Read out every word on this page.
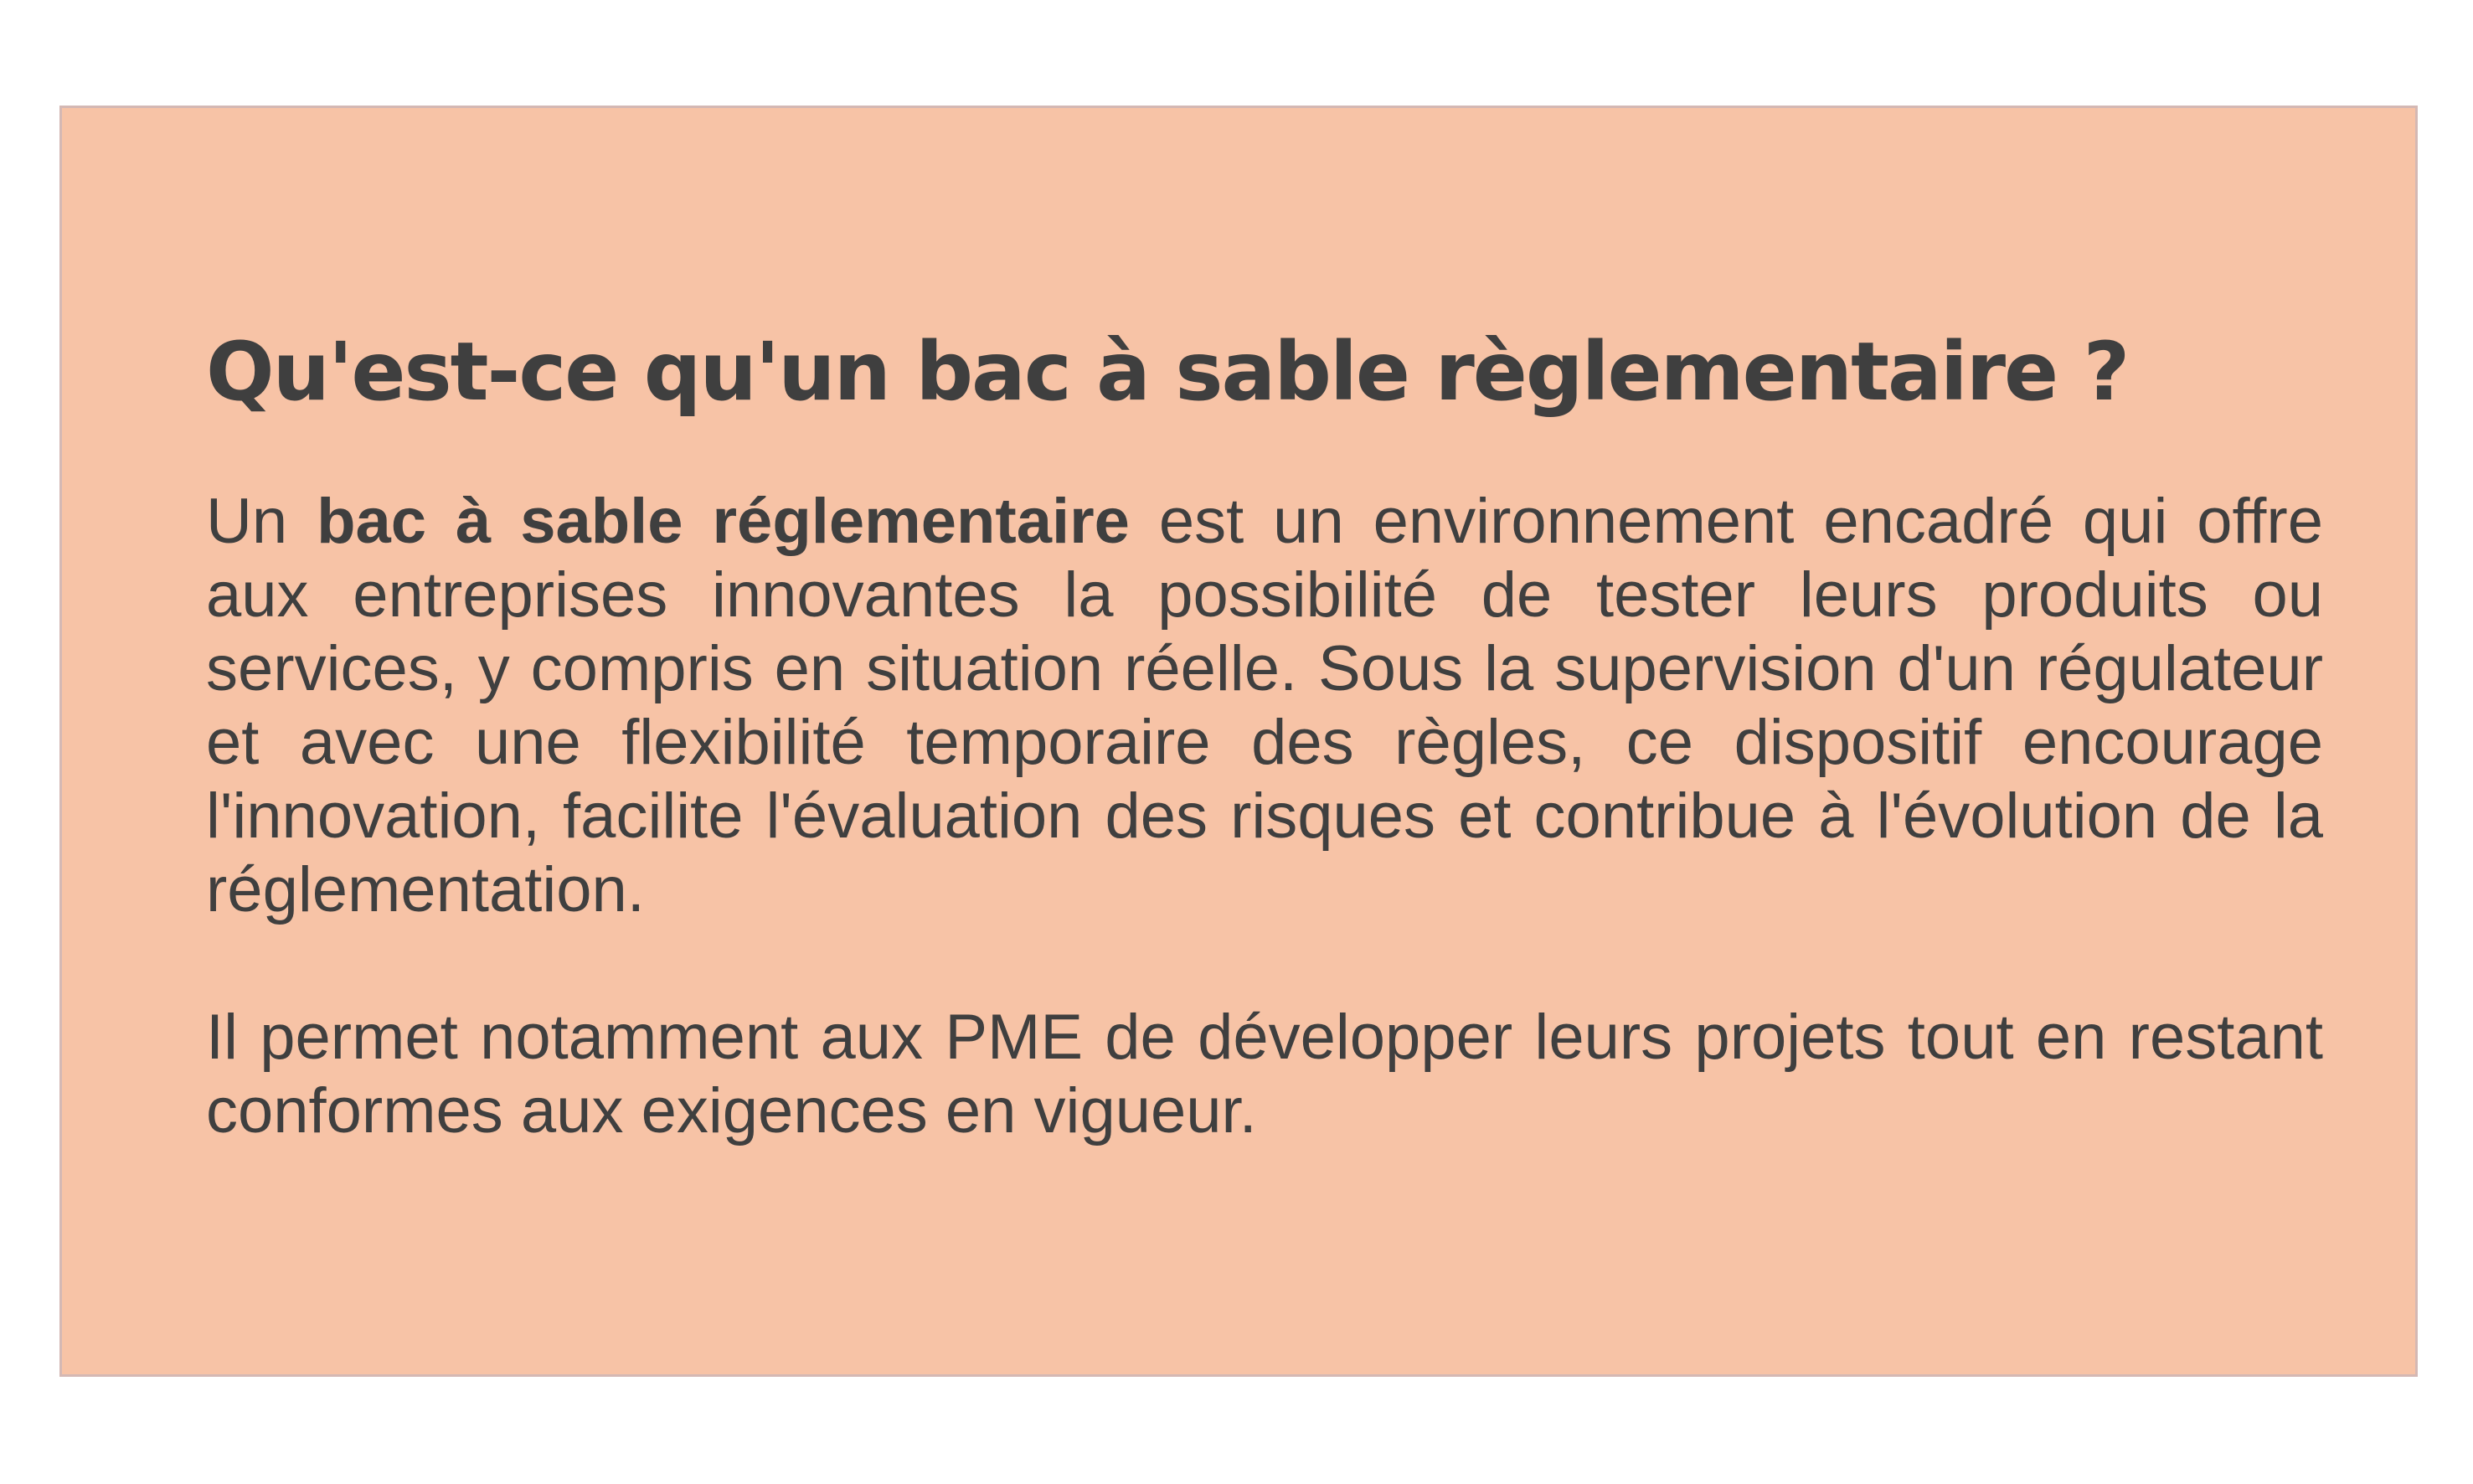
Qu'est-ce qu'un bac à sable règlementaire ?

Un bac à sable réglementaire est un environnement encadré qui offre aux entreprises innovantes la possibilité de tester leurs produits ou services, y compris en situation réelle. Sous la supervision d'un régulateur et avec une flexibilité temporaire des règles, ce dispositif encourage l'innovation, facilite l'évaluation des risques et contribue à l'évolution de la réglementation.

Il permet notamment aux PME de développer leurs projets tout en restant conformes aux exigences en vigueur.
